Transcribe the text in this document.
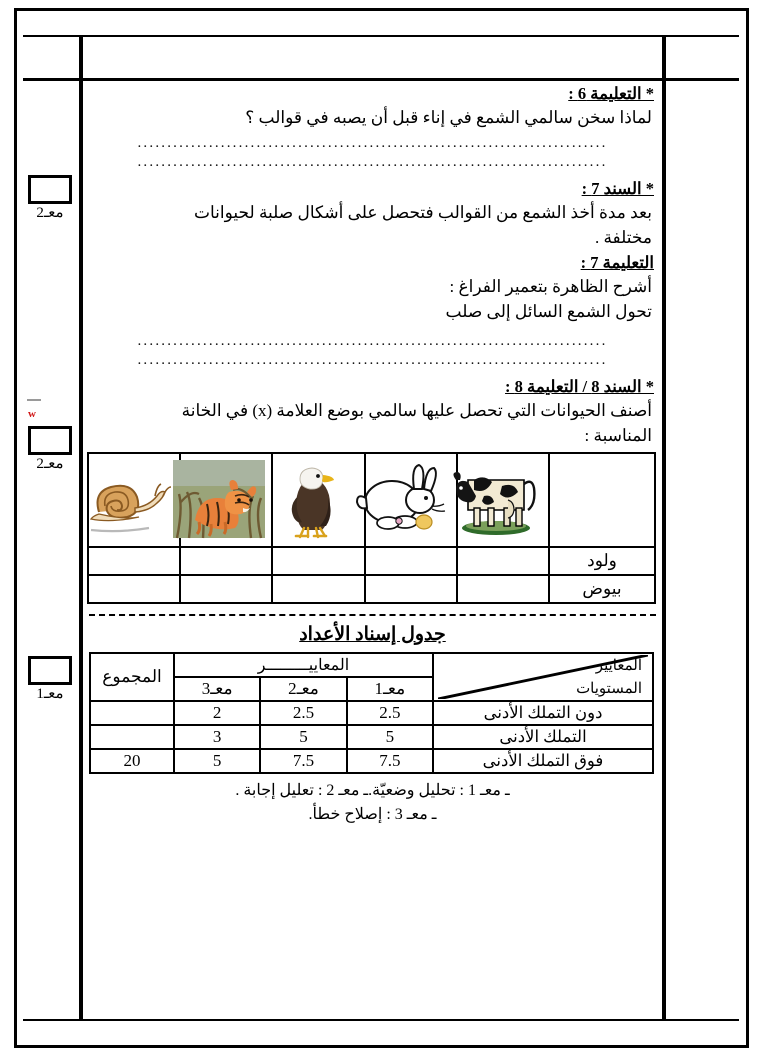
معـ2
معـ2
معـ1
* التعليمة 6 :
لماذا سخن سالمي الشمع في إناء قبل أن يصبه في قوالب ؟
...............................................................................
...............................................................................
* السند 7 :
بعد مدة أخذ الشمع من القوالب فتحصل على أشكال صلبة لحيوانات
مختلفة .
التعليمة 7 :
أشرح الظاهرة بتعمير الفراغ :
تحول الشمع السائل إلى صلب
...............................................................................
...............................................................................
* السند 8 / التعليمة 8 :
أصنف الحيوانات التي تحصل عليها سالمي بوضع العلامة (x) في الخانة
المناسبة :

ولود					
بيوض					
جدول إسناد الأعداد
المعايير
المستويات	المعاييـــــــــر			المجموع
	معـ1	معـ2	معـ3	
دون التملك الأدنى	2.5	2.5	2	
التملك الأدنى	5	5	3	
فوق التملك الأدنى	7.5	7.5	5	20
ـ معـ 1 : تحليل وضعيّة.ـ معـ 2 : تعليل إجابة .
ـ معـ 3 : إصلاح خطأ.
w
